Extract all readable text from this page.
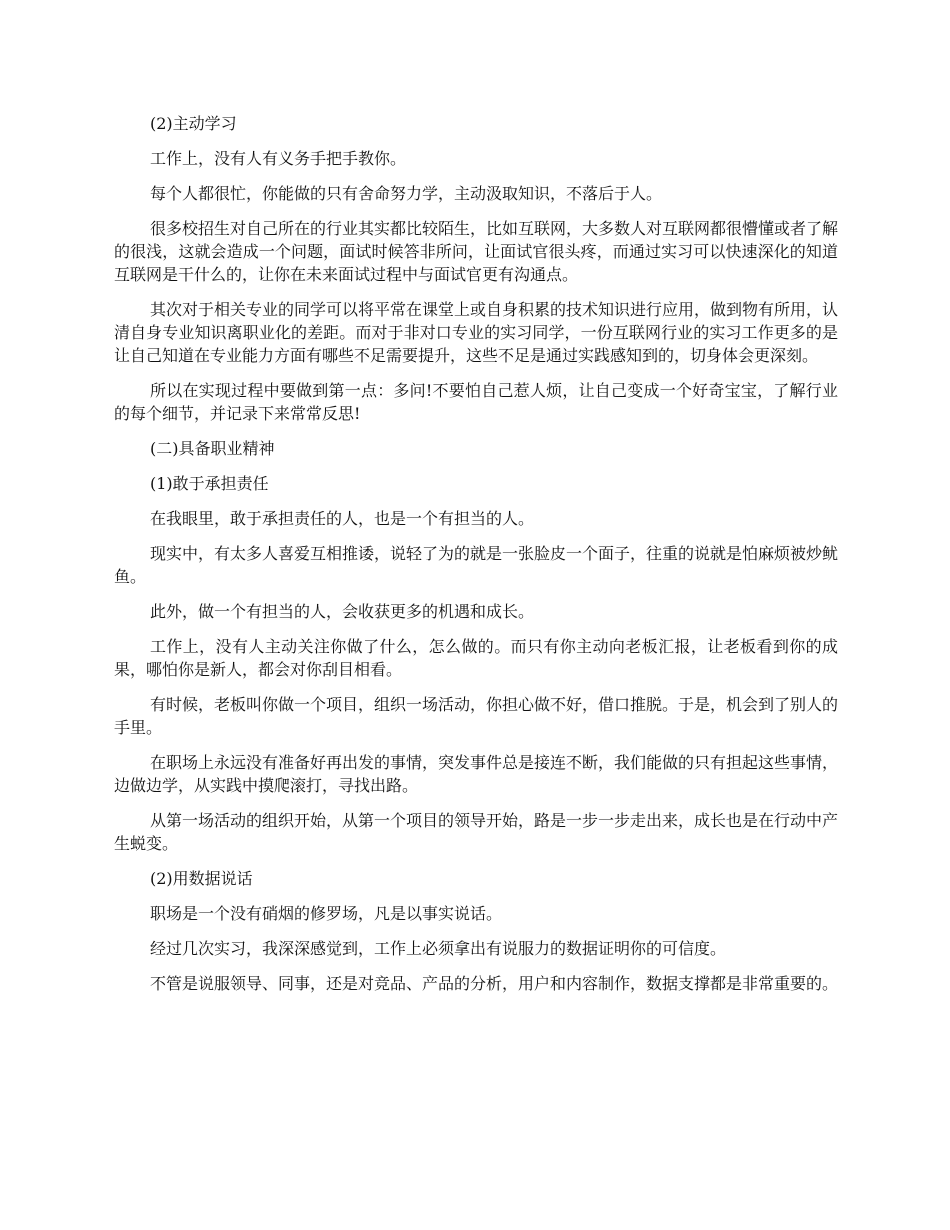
(2)主动学习

工作上，没有人有义务手把手教你。

每个人都很忙，你能做的只有舍命努力学，主动汲取知识，不落后于人。

很多校招生对自己所在的行业其实都比较陌生，比如互联网，大多数人对互联网都很懵懂或者了解的很浅，这就会造成一个问题，面试时候答非所问，让面试官很头疼，而通过实习可以快速深化的知道互联网是干什么的，让你在未来面试过程中与面试官更有沟通点。

其次对于相关专业的同学可以将平常在课堂上或自身积累的技术知识进行应用，做到物有所用，认清自身专业知识离职业化的差距。而对于非对口专业的实习同学，一份互联网行业的实习工作更多的是让自己知道在专业能力方面有哪些不足需要提升，这些不足是通过实践感知到的，切身体会更深刻。

所以在实现过程中要做到第一点：多问!不要怕自己惹人烦，让自己变成一个好奇宝宝，了解行业的每个细节，并记录下来常常反思!

(二)具备职业精神

(1)敢于承担责任

在我眼里，敢于承担责任的人，也是一个有担当的人。

现实中，有太多人喜爱互相推诿，说轻了为的就是一张脸皮一个面子，往重的说就是怕麻烦被炒鱿鱼。

此外，做一个有担当的人，会收获更多的机遇和成长。

工作上，没有人主动关注你做了什么，怎么做的。而只有你主动向老板汇报，让老板看到你的成果，哪怕你是新人，都会对你刮目相看。

有时候，老板叫你做一个项目，组织一场活动，你担心做不好，借口推脱。于是，机会到了别人的手里。

在职场上永远没有准备好再出发的事情，突发事件总是接连不断，我们能做的只有担起这些事情，边做边学，从实践中摸爬滚打，寻找出路。

从第一场活动的组织开始，从第一个项目的领导开始，路是一步一步走出来，成长也是在行动中产生蜕变。

(2)用数据说话

职场是一个没有硝烟的修罗场，凡是以事实说话。

经过几次实习，我深深感觉到，工作上必须拿出有说服力的数据证明你的可信度。

不管是说服领导、同事，还是对竞品、产品的分析，用户和内容制作，数据支撑都是非常重要的。
